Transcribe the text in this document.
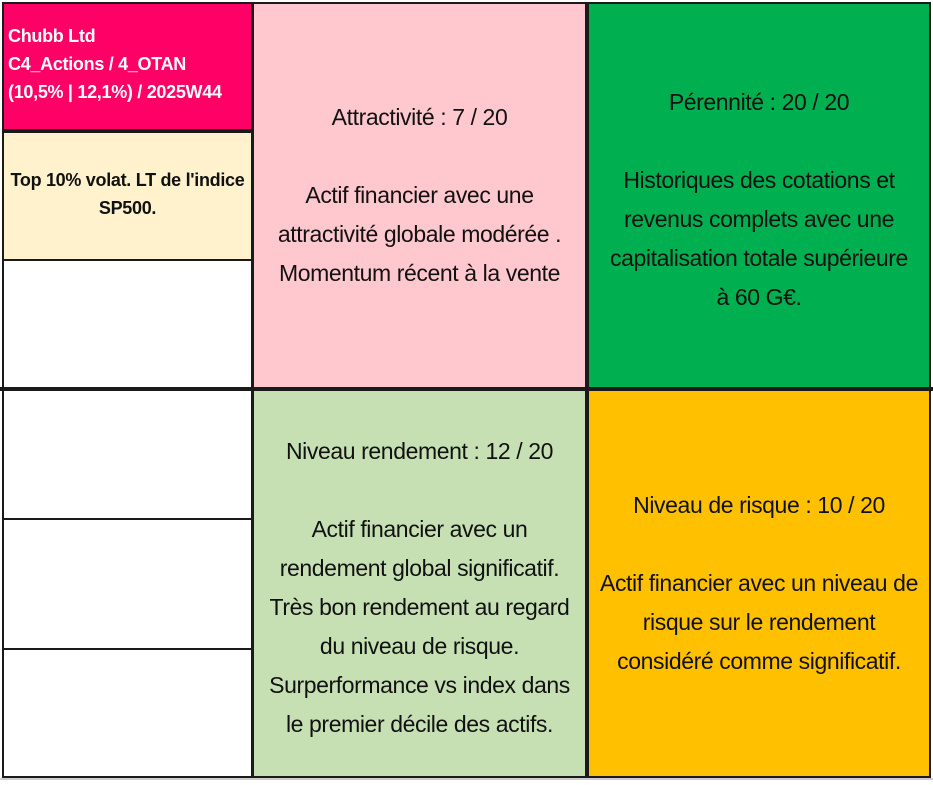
Chubb Ltd
C4_Actions / 4_OTAN
(10,5% | 12,1%) / 2025W44
Top 10% volat. LT de l'indice
SP500.
Attractivité : 7 / 20
Actif financier avec une
attractivité globale modérée .
Momentum récent à la vente
Pérennité : 20 / 20
Historiques des cotations et
revenus complets avec une
capitalisation totale supérieure
à 60 G€.
Niveau rendement : 12 / 20
Actif financier avec un
rendement global significatif.
Très bon rendement au regard
du niveau de risque.
Surperformance vs index dans
le premier décile des actifs.
Niveau de risque : 10 / 20
Actif financier avec un niveau de
risque sur le rendement
considéré comme significatif.
